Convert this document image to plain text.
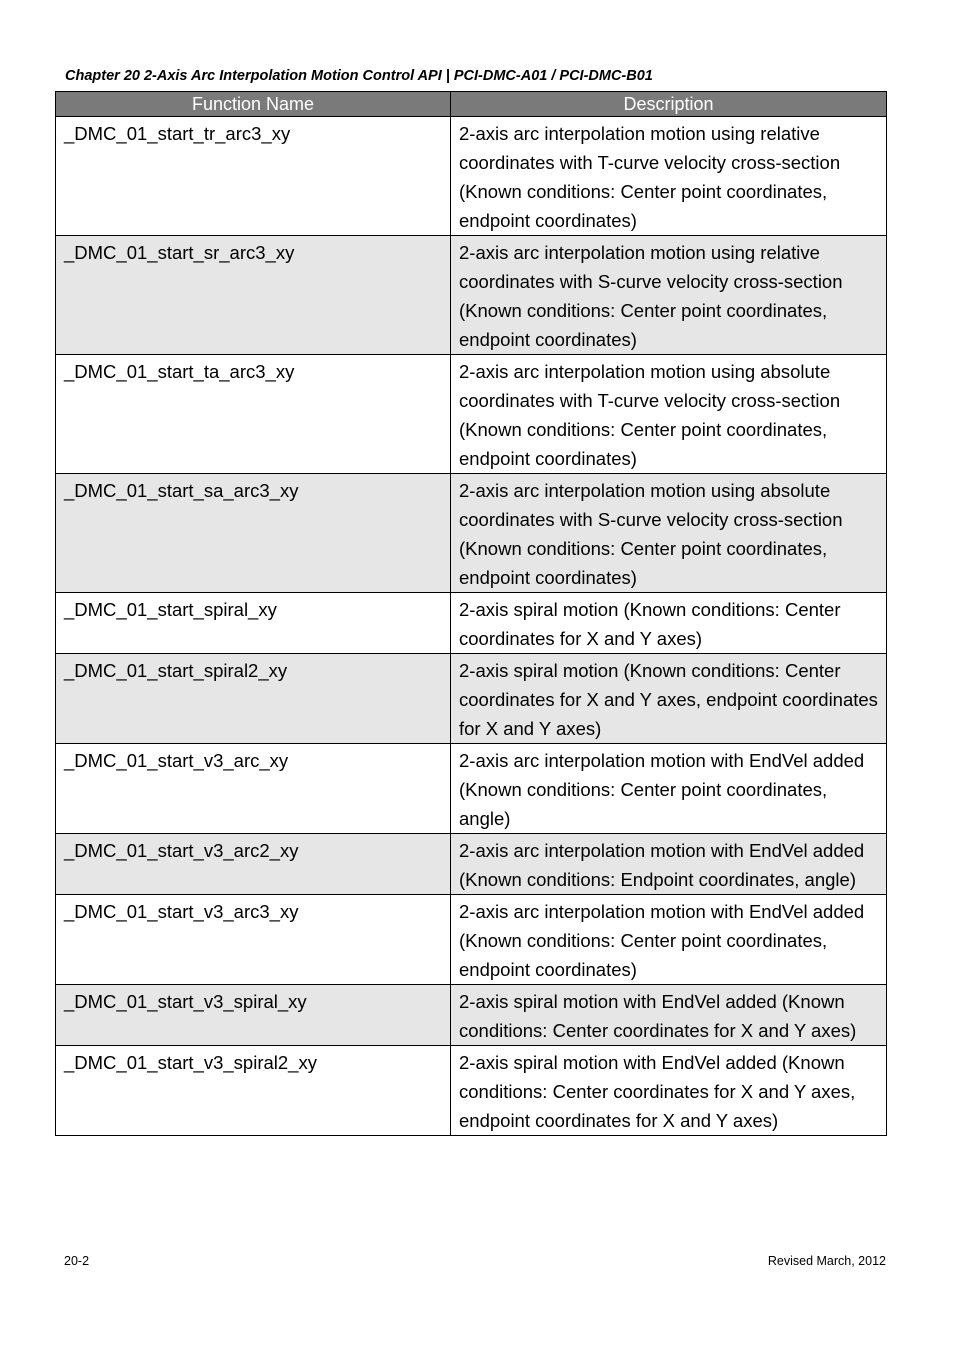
Chapter 20 2-Axis Arc Interpolation Motion Control API | PCI-DMC-A01 / PCI-DMC-B01
Function Name	Description
_DMC_01_start_tr_arc3_xy	2-axis arc interpolation motion using relative coordinates with T-curve velocity cross-section (Known conditions: Center point coordinates, endpoint coordinates)
_DMC_01_start_sr_arc3_xy	2-axis arc interpolation motion using relative coordinates with S-curve velocity cross-section (Known conditions: Center point coordinates, endpoint coordinates)
_DMC_01_start_ta_arc3_xy	2-axis arc interpolation motion using absolute coordinates with T-curve velocity cross-section (Known conditions: Center point coordinates, endpoint coordinates)
_DMC_01_start_sa_arc3_xy	2-axis arc interpolation motion using absolute coordinates with S-curve velocity cross-section (Known conditions: Center point coordinates, endpoint coordinates)
_DMC_01_start_spiral_xy	2-axis spiral motion (Known conditions: Center coordinates for X and Y axes)
_DMC_01_start_spiral2_xy	2-axis spiral motion (Known conditions: Center coordinates for X and Y axes, endpoint coordinates for X and Y axes)
_DMC_01_start_v3_arc_xy	2-axis arc interpolation motion with EndVel added (Known conditions: Center point coordinates, angle)
_DMC_01_start_v3_arc2_xy	2-axis arc interpolation motion with EndVel added (Known conditions: Endpoint coordinates, angle)
_DMC_01_start_v3_arc3_xy	2-axis arc interpolation motion with EndVel added (Known conditions: Center point coordinates, endpoint coordinates)
_DMC_01_start_v3_spiral_xy	2-axis spiral motion with EndVel added (Known conditions: Center coordinates for X and Y axes)
_DMC_01_start_v3_spiral2_xy	2-axis spiral motion with EndVel added (Known conditions: Center coordinates for X and Y axes, endpoint coordinates for X and Y axes)
20-2	Revised March, 2012
